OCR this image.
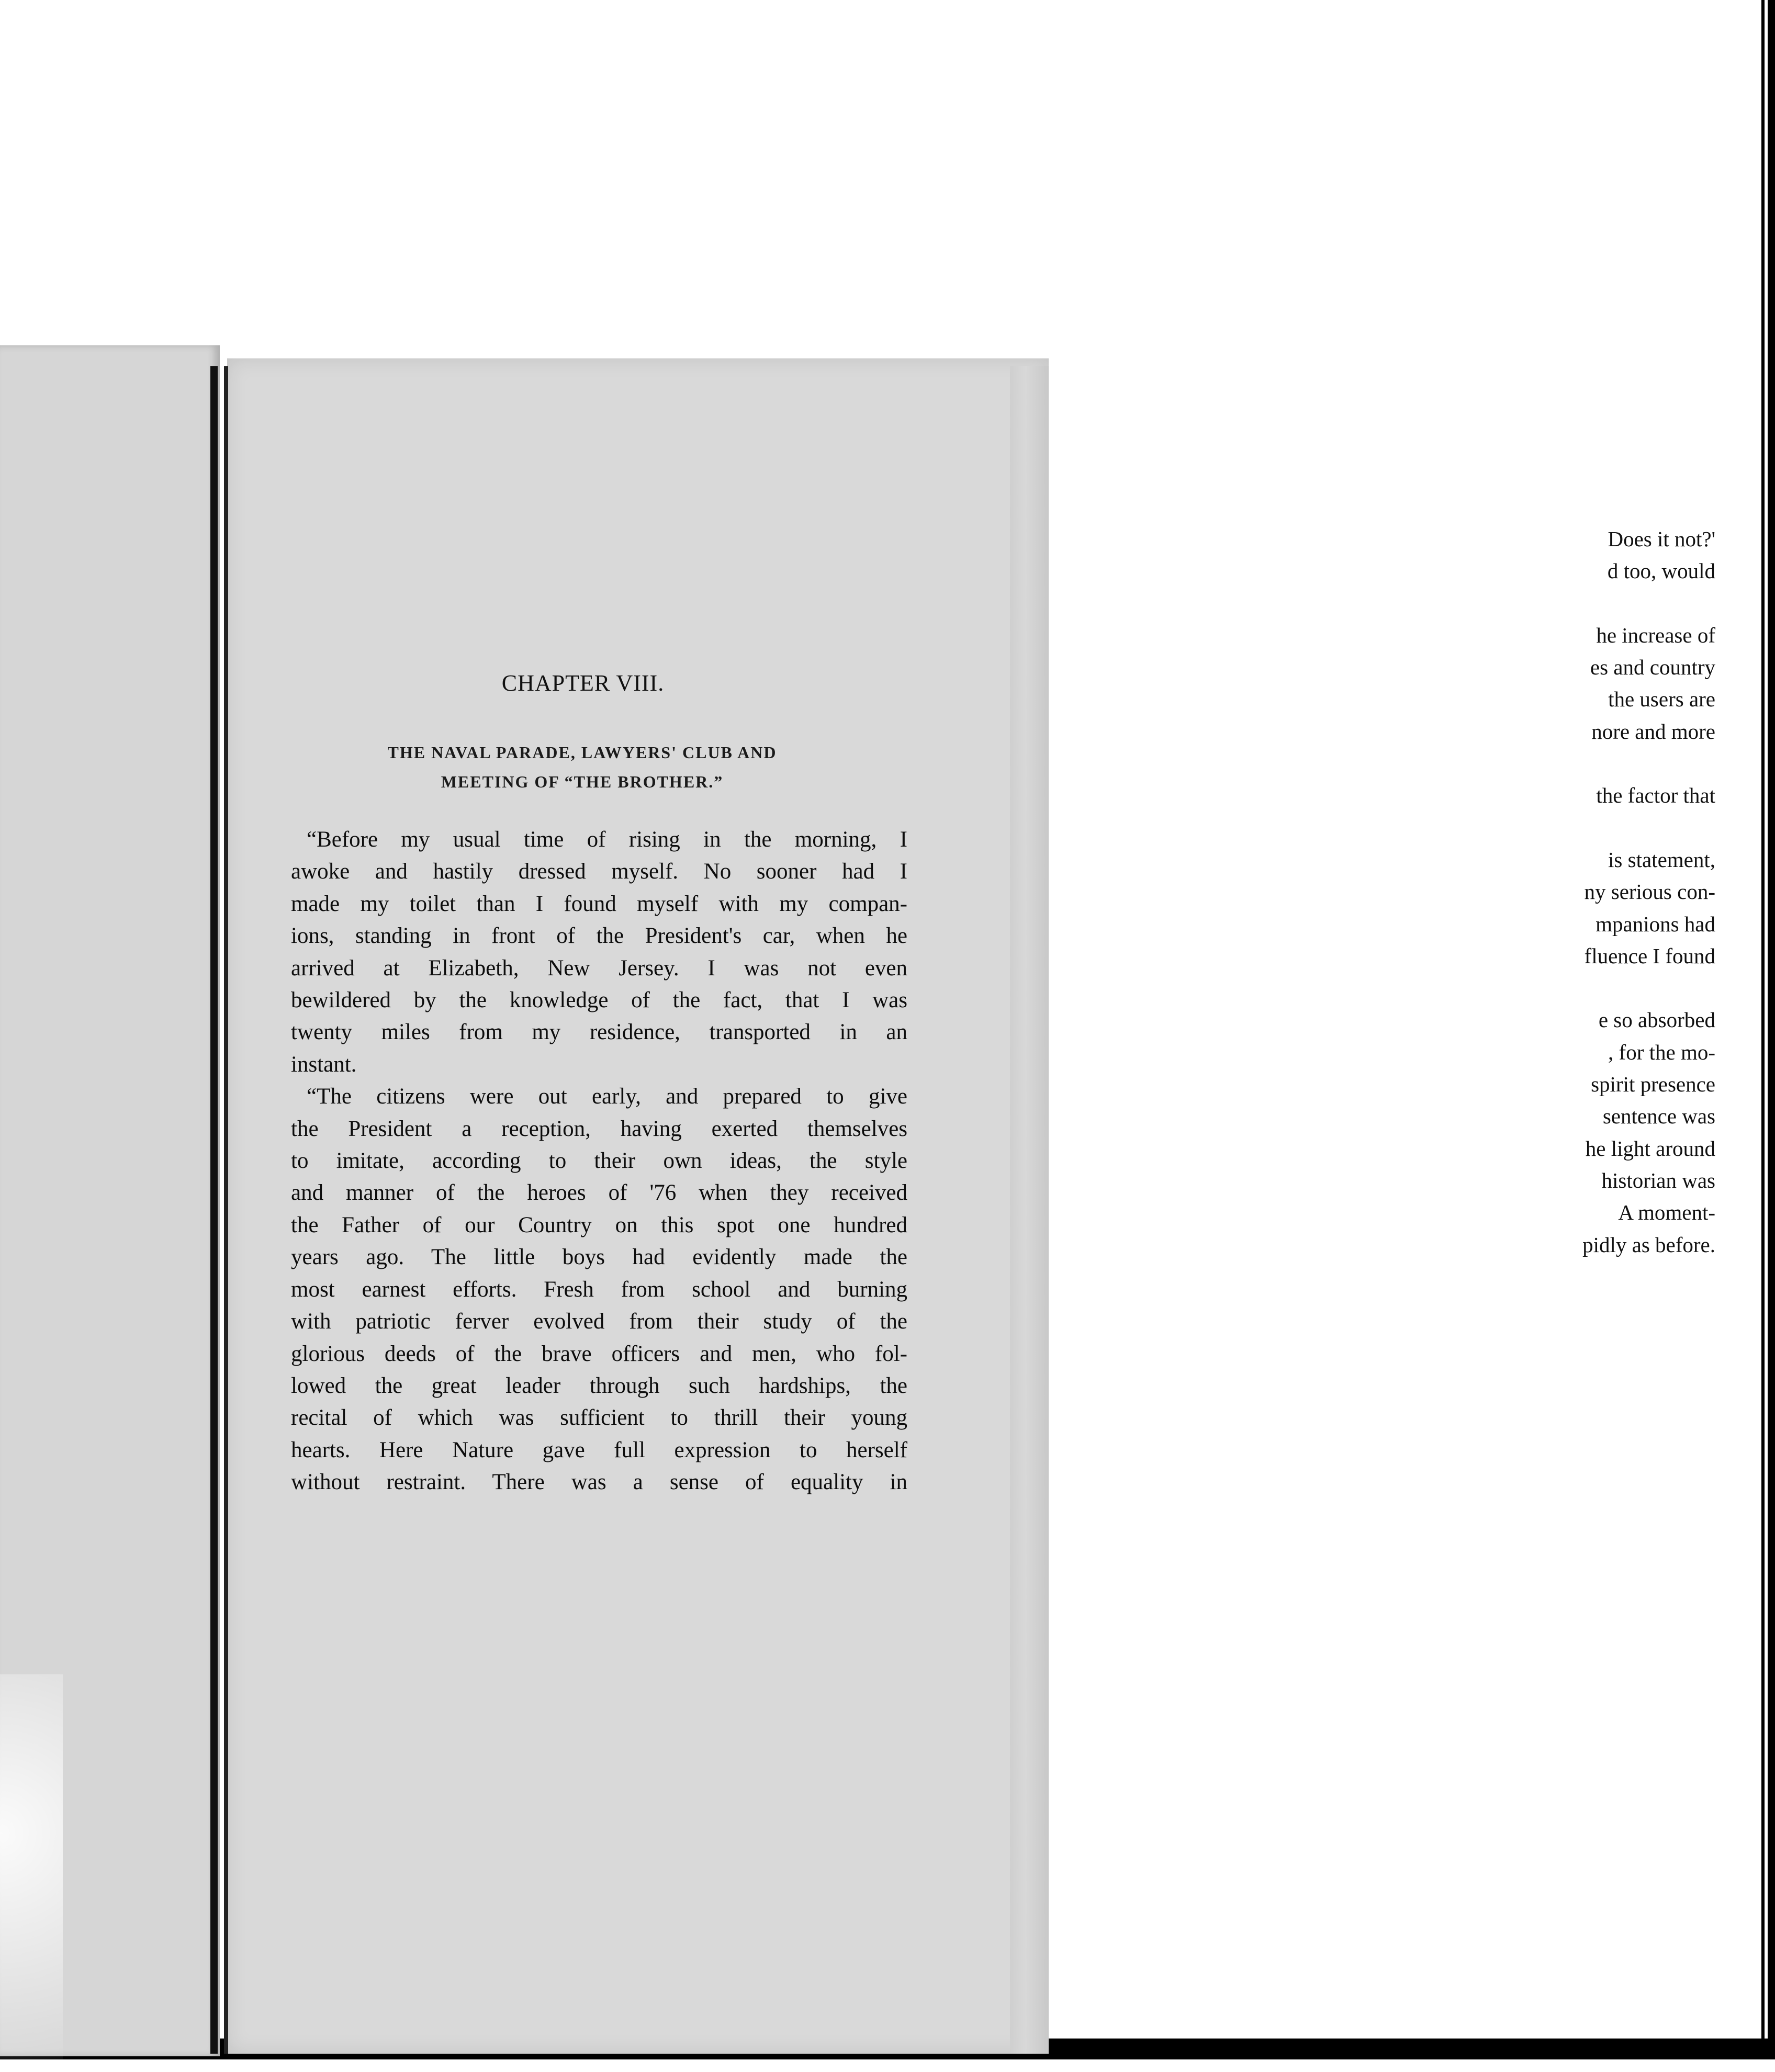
Does it not?'
d too, would
he increase of
es and country
the users are
nore and more
the factor that
is statement,
ny serious con-
mpanions had
fluence I found
e so absorbed
, for the mo-
spirit presence
sentence was
he light around
historian was
A moment-
pidly as before.
CHAPTER VIII.
THE NAVAL PARADE, LAWYERS' CLUB AND
MEETING OF “THE BROTHER.”
“Before my usual time of rising in the morning, I
awoke and hastily dressed myself. No sooner had I
made my toilet than I found myself with my compan-
ions, standing in front of the President's car, when he
arrived at Elizabeth, New Jersey. I was not even
bewildered by the knowledge of the fact, that I was
twenty miles from my residence, transported in an
instant.
“The citizens were out early, and prepared to give
the President a reception, having exerted themselves
to imitate, according to their own ideas, the style
and manner of the heroes of '76 when they received
the Father of our Country on this spot one hundred
years ago. The little boys had evidently made the
most earnest efforts. Fresh from school and burning
with patriotic ferver evolved from their study of the
glorious deeds of the brave officers and men, who fol-
lowed the great leader through such hardships, the
recital of which was sufficient to thrill their young
hearts. Here Nature gave full expression to herself
without restraint. There was a sense of equality in
